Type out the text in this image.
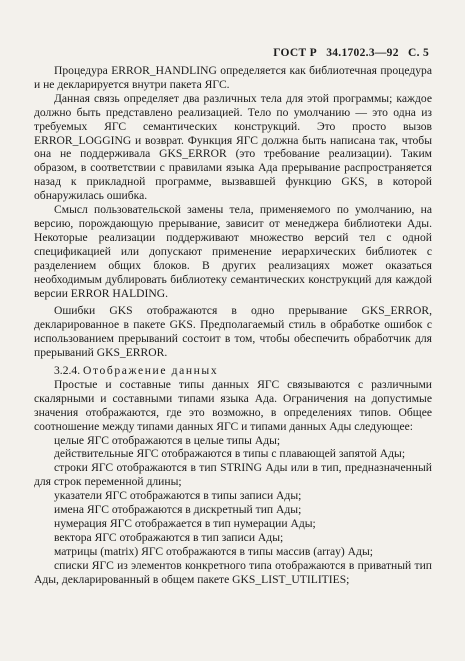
ГОСТ Р 34.1702.3—92 С. 5

Процедура ERROR_HANDLING определяется как библиотечная процедура и не декларируется внутри пакета ЯГС.

Данная связь определяет два различных тела для этой программы; каждое должно быть представлено реализацией. Тело по умолчанию — это одна из требуемых ЯГС семантических конструкций. Это просто вызов ERROR_LOGGING и возврат. Функция ЯГС должна быть написана так, чтобы она не поддерживала GKS_ERROR (это требование реализации). Таким образом, в соответствии с правилами языка Ада прерывание распространяется назад к прикладной программе, вызвавшей функцию GKS, в которой обнаружилась ошибка.

Смысл пользовательской замены тела, применяемого по умолчанию, на версию, порождающую прерывание, зависит от менеджера библиотеки Ады. Некоторые реализации поддерживают множество версий тел с одной спецификацией или допускают применение иерархических библиотек с разделением общих блоков. В других реализациях может оказаться необходимым дублировать библиотеку семантических конструкций для каждой версии ERROR HALDING.

Ошибки GKS отображаются в одно прерывание GKS_ERROR, декларированное в пакете GKS. Предполагаемый стиль в обработке ошибок с использованием прерываний состоит в том, чтобы обеспечить обработчик для прерываний GKS_ERROR.

3.2.4. Отображение данных

Простые и составные типы данных ЯГС связываются с различными скалярными и составными типами языка Ада. Ограничения на допустимые значения отображаются, где это возможно, в определениях типов. Общее соотношение между типами данных ЯГС и типами данных Ады следующее:

целые ЯГС отображаются в целые типы Ады;

действительные ЯГС отображаются в типы с плавающей запятой Ады;

строки ЯГС отображаются в тип STRING Ады или в тип, предназначенный для строк переменной длины;

указатели ЯГС отображаются в типы записи Ады;

имена ЯГС отображаются в дискретный тип Ады;

нумерация ЯГС отображается в тип нумерации Ады;

вектора ЯГС отображаются в тип записи Ады;

матрицы (matrix) ЯГС отображаются в типы массив (array) Ады;

списки ЯГС из элементов конкретного типа отображаются в приватный тип Ады, декларированный в общем пакете GKS_LIST_UTILITIES;
